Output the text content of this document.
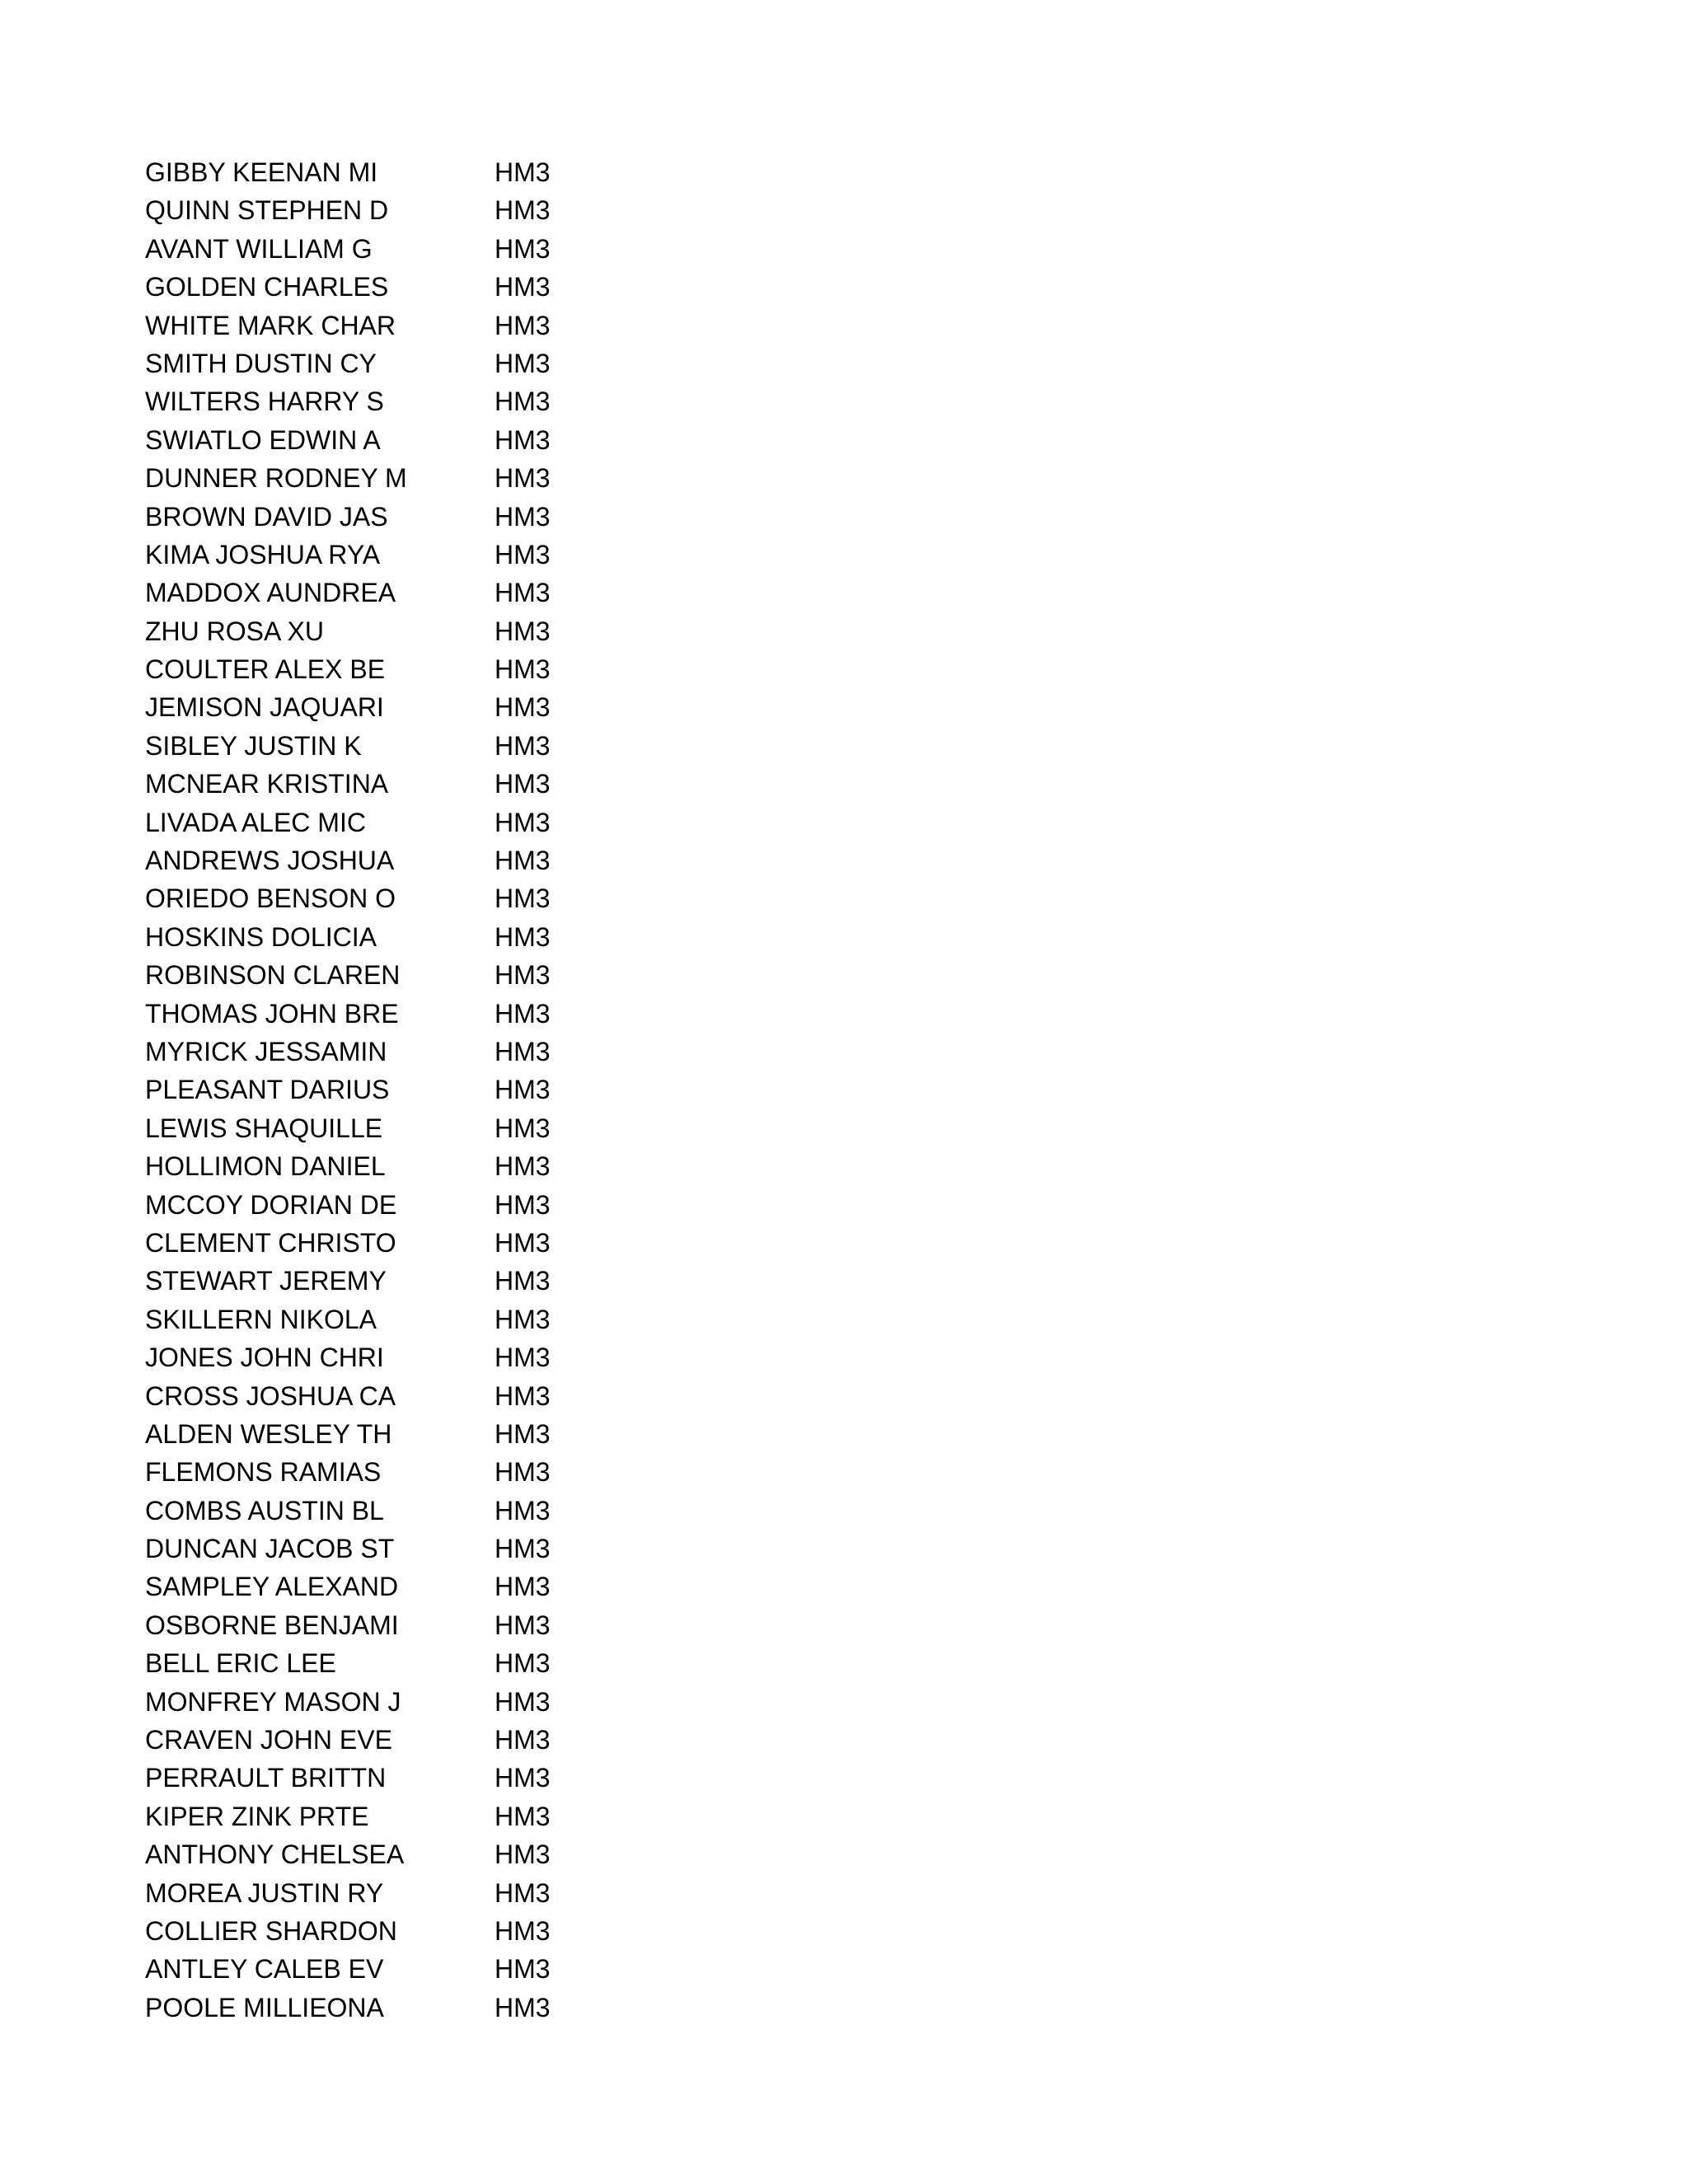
GIBBY KEENAN MI	HM3
QUINN STEPHEN D	HM3
AVANT WILLIAM G	HM3
GOLDEN CHARLES	HM3
WHITE MARK CHAR	HM3
SMITH DUSTIN CY	HM3
WILTERS HARRY S	HM3
SWIATLO EDWIN A	HM3
DUNNER RODNEY M	HM3
BROWN DAVID JAS	HM3
KIMA JOSHUA RYA	HM3
MADDOX AUNDREA	HM3
ZHU ROSA XU	HM3
COULTER ALEX BE	HM3
JEMISON JAQUARI	HM3
SIBLEY JUSTIN K	HM3
MCNEAR KRISTINA	HM3
LIVADA ALEC MIC	HM3
ANDREWS JOSHUA	HM3
ORIEDO BENSON O	HM3
HOSKINS DOLICIA	HM3
ROBINSON CLAREN	HM3
THOMAS JOHN BRE	HM3
MYRICK JESSAMIN	HM3
PLEASANT DARIUS	HM3
LEWIS SHAQUILLE	HM3
HOLLIMON DANIEL	HM3
MCCOY DORIAN DE	HM3
CLEMENT CHRISTO	HM3
STEWART JEREMY	HM3
SKILLERN NIKOLA	HM3
JONES JOHN CHRI	HM3
CROSS JOSHUA CA	HM3
ALDEN WESLEY TH	HM3
FLEMONS RAMIAS	HM3
COMBS AUSTIN BL	HM3
DUNCAN JACOB ST	HM3
SAMPLEY ALEXAND	HM3
OSBORNE BENJAMI	HM3
BELL ERIC LEE	HM3
MONFREY MASON J	HM3
CRAVEN JOHN EVE	HM3
PERRAULT BRITTN	HM3
KIPER ZINK PRTE	HM3
ANTHONY CHELSEA	HM3
MOREA JUSTIN RY	HM3
COLLIER SHARDON	HM3
ANTLEY CALEB EV	HM3
POOLE MILLIEONA	HM3
